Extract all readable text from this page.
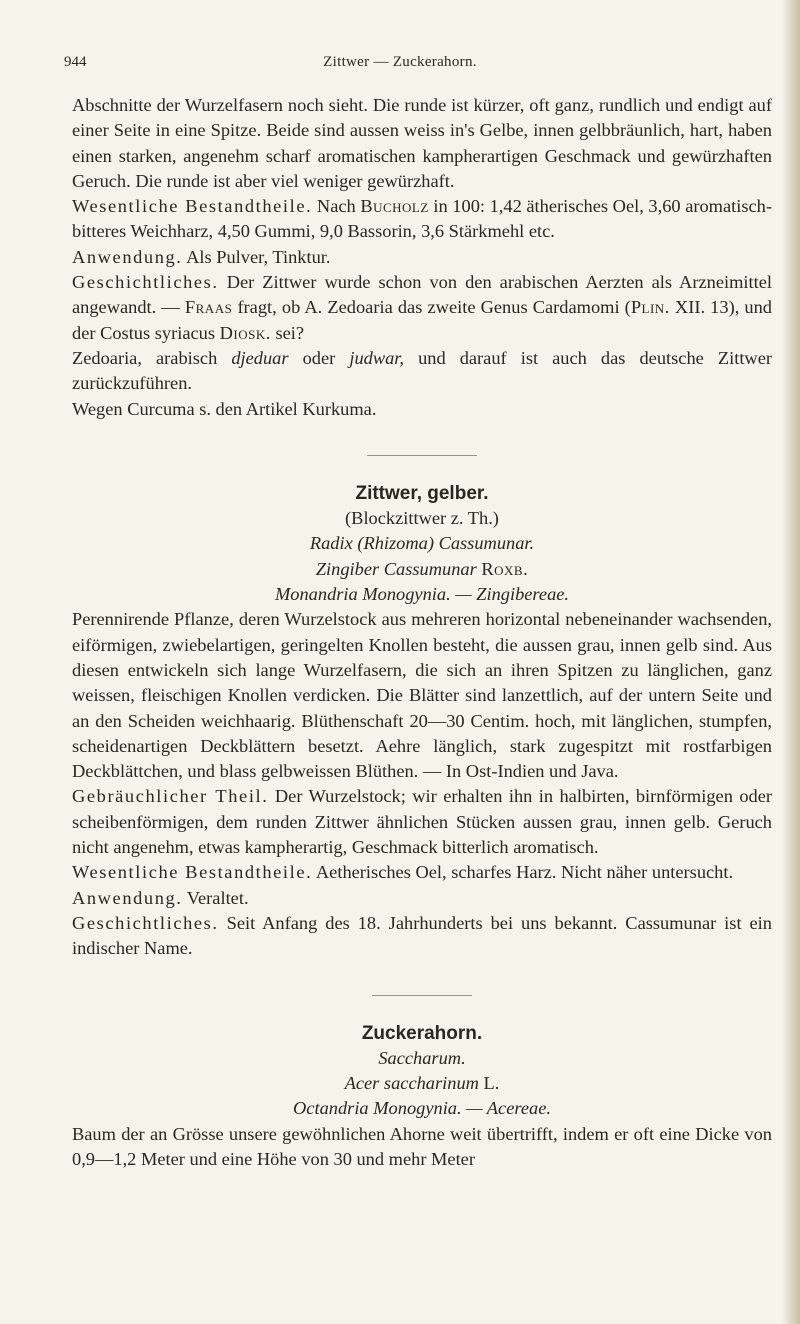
944	Zittwer — Zuckerahorn.

Abschnitte der Wurzelfasern noch sieht. Die runde ist kürzer, oft ganz, rundlich und endigt auf einer Seite in eine Spitze. Beide sind aussen weiss in's Gelbe, innen gelbbräunlich, hart, haben einen starken, angenehm scharf aromatischen kampherartigen Geschmack und gewürzhaften Geruch. Die runde ist aber viel weniger gewürzhaft.

Wesentliche Bestandtheile. Nach Bucholz in 100: 1,42 ätherisches Oel, 3,60 aromatisch-bitteres Weichharz, 4,50 Gummi, 9,0 Bassorin, 3,6 Stärkmehl etc.

Anwendung. Als Pulver, Tinktur.

Geschichtliches. Der Zittwer wurde schon von den arabischen Aerzten als Arzneimittel angewandt. — Fraas fragt, ob A. Zedoaria das zweite Genus Cardamomi (Plin. XII. 13), und der Costus syriacus Diosk. sei?

Zedoaria, arabisch djeduar oder judwar, und darauf ist auch das deutsche Zittwer zurückzuführen.

Wegen Curcuma s. den Artikel Kurkuma.

Zittwer, gelber.

(Blockzittwer z. Th.)

Radix (Rhizoma) Cassumunar.

Zingiber Cassumunar Roxb.

Monandria Monogynia. — Zingibereae.

Perennirende Pflanze, deren Wurzelstock aus mehreren horizontal nebeneinander wachsenden, eiförmigen, zwiebelartigen, geringelten Knollen besteht, die aussen grau, innen gelb sind. Aus diesen entwickeln sich lange Wurzelfasern, die sich an ihren Spitzen zu länglichen, ganz weissen, fleischigen Knollen verdicken. Die Blätter sind lanzettlich, auf der untern Seite und an den Scheiden weichhaarig. Blüthenschaft 20—30 Centim. hoch, mit länglichen, stumpfen, scheidenartigen Deckblättern besetzt. Aehre länglich, stark zugespitzt mit rostfarbigen Deckblättchen, und blass gelbweissen Blüthen. — In Ost-Indien und Java.

Gebräuchlicher Theil. Der Wurzelstock; wir erhalten ihn in halbirten, birnförmigen oder scheibenförmigen, dem runden Zittwer ähnlichen Stücken aussen grau, innen gelb. Geruch nicht angenehm, etwas kampherartig, Geschmack bitterlich aromatisch.

Wesentliche Bestandtheile. Aetherisches Oel, scharfes Harz. Nicht näher untersucht.

Anwendung. Veraltet.

Geschichtliches. Seit Anfang des 18. Jahrhunderts bei uns bekannt. Cassumunar ist ein indischer Name.

Zuckerahorn.

Saccharum.

Acer saccharinum L.

Octandria Monogynia. — Acereae.

Baum der an Grösse unsere gewöhnlichen Ahorne weit übertrifft, indem er oft eine Dicke von 0,9—1,2 Meter und eine Höhe von 30 und mehr Meter
